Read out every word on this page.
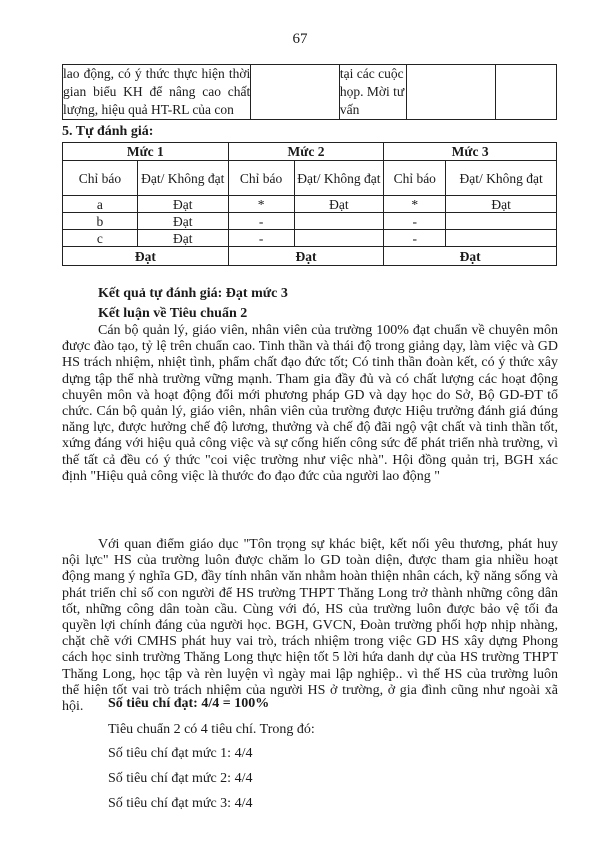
67
lao động, có ý thức thực hiện thời gian biểu KH để nâng cao chất lượng, hiệu quả HT-RL của con		tại các cuộc họp. Mời tư vấn		
5. Tự đánh giá:
Mức 1		Mức 2		Mức 3	
Chỉ báo	Đạt/ Không đạt	Chỉ báo	Đạt/ Không đạt	Chỉ báo	Đạt/ Không đạt
a	Đạt	*	Đạt	*	Đạt
b	Đạt	-		-	
c	Đạt	-		-	
Đạt		Đạt		Đạt	
Kết quả tự đánh giá: Đạt mức 3
Kết luận về Tiêu chuẩn 2
Cán bộ quản lý, giáo viên, nhân viên của trường 100% đạt chuẩn về chuyên môn được đào tạo, tỷ lệ trên chuẩn cao. Tinh thần và thái độ trong giảng dạy, làm việc và GD HS trách nhiệm, nhiệt tình, phẩm chất đạo đức tốt; Có tinh thần đoàn kết, có ý thức xây dựng tập thể nhà trường vững mạnh. Tham gia đầy đủ và có chất lượng các hoạt động chuyên môn và hoạt động đổi mới phương pháp GD và dạy học do Sở, Bộ GD-ĐT tổ chức. Cán bộ quản lý, giáo viên, nhân viên của trường được Hiệu trưởng đánh giá đúng năng lực, được hưởng chế độ lương, thưởng và chế độ đãi ngộ vật chất và tinh thần tốt, xứng đáng với hiệu quả công việc và sự cống hiến công sức để phát triển nhà trường, vì thế tất cả đều có ý thức "coi việc trường như việc nhà". Hội đồng quản trị, BGH xác định "Hiệu quả công việc là thước đo đạo đức của người lao động "
Với quan điểm giáo dục "Tôn trọng sự khác biệt, kết nối yêu thương, phát huy nội lực" HS của trường luôn được chăm lo GD toàn diện, được tham gia nhiều hoạt động mang ý nghĩa GD, đầy tính nhân văn nhằm hoàn thiện nhân cách, kỹ năng sống và phát triển chỉ số con người để HS trường THPT Thăng Long trở thành những công dân tốt, những công dân toàn cầu. Cùng với đó, HS của trường luôn được bảo vệ tối đa quyền lợi chính đáng của người học. BGH, GVCN, Đoàn trường phối hợp nhịp nhàng, chặt chẽ với CMHS phát huy vai trò, trách nhiệm trong việc GD HS xây dựng Phong cách học sinh trường Thăng Long thực hiện tốt 5 lời hứa danh dự của HS trường THPT Thăng Long, học tập và rèn luyện vì ngày mai lập nghiệp.. vì thế HS của trường luôn thể hiện tốt vai trò trách nhiệm của người HS ở trường, ở gia đình cũng như ngoài xã hội.	Số tiêu chí đạt: 4/4 = 100%
Tiêu chuẩn 2 có 4 tiêu chí. Trong đó:
Số tiêu chí đạt mức 1: 4/4
Số tiêu chí đạt mức 2: 4/4
Số tiêu chí đạt mức 3: 4/4
